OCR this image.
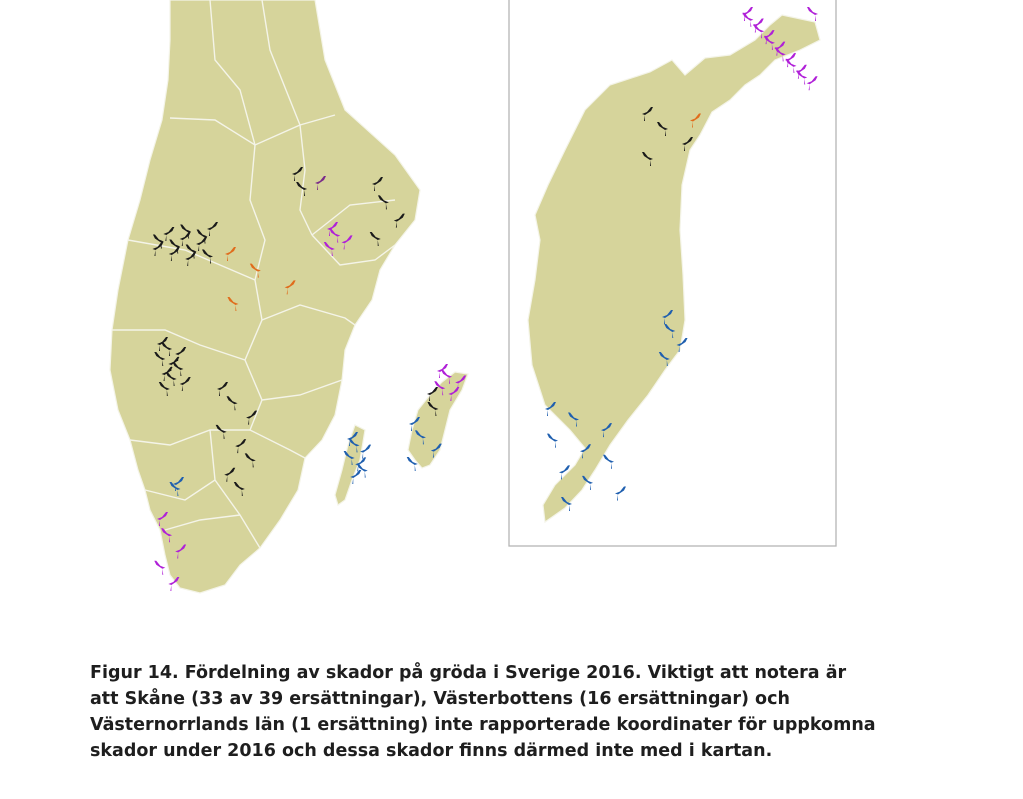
Figur 14. Fördelning av skador på gröda i Sverige 2016. Viktigt att notera är
att Skåne (33 av 39 ersättningar), Västerbottens (16 ersättningar) och
Västernorrlands län (1 ersättning) inte rapporterade koordinater för uppkomna
skador under 2016 och dessa skador finns därmed inte med i kartan.
